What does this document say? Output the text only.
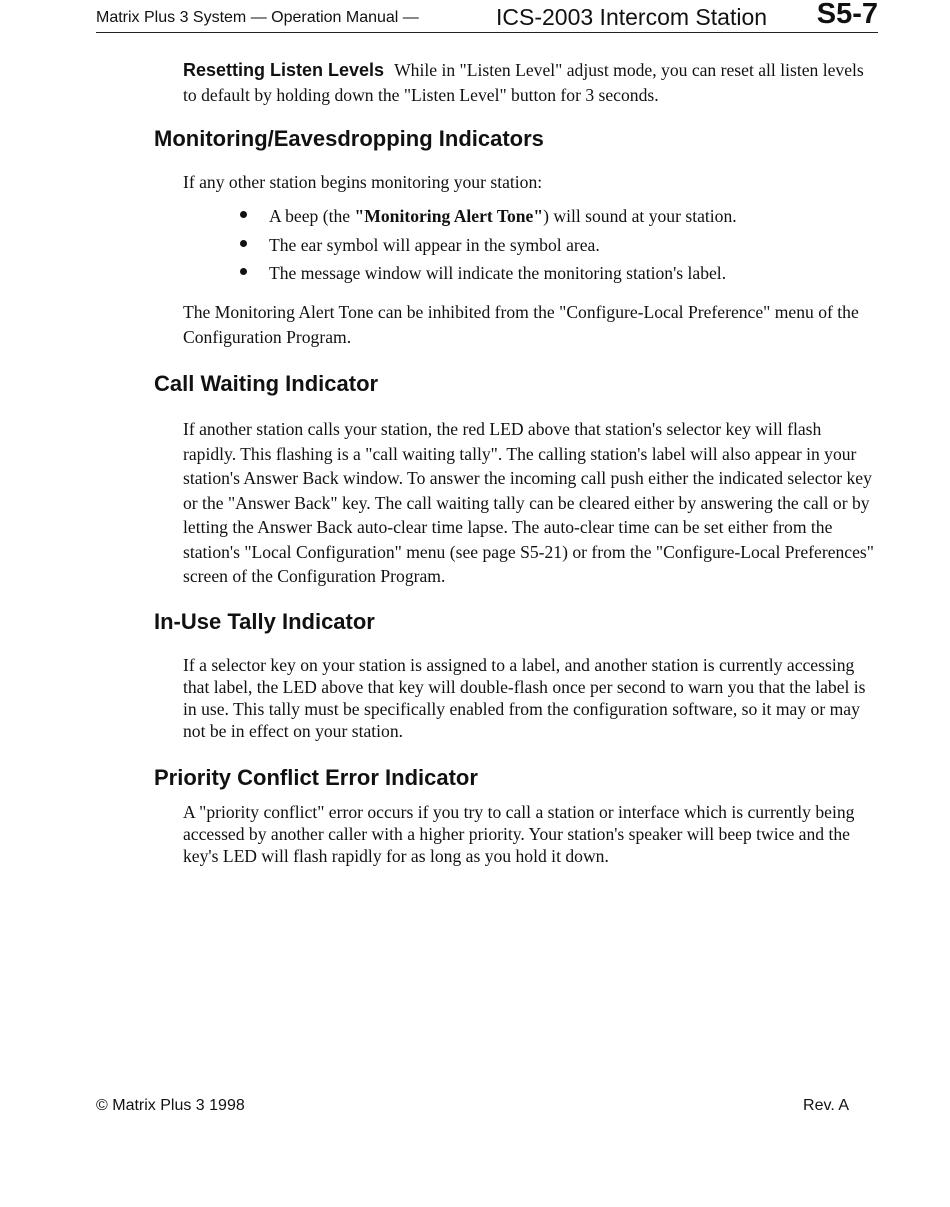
Matrix Plus 3 System — Operation Manual —	ICS-2003 Intercom Station S5-7

Resetting Listen Levels While in "Listen Level" adjust mode, you can reset all listen levels to default by holding down the "Listen Level" button for 3 seconds.

Monitoring/Eavesdropping Indicators

If any other station begins monitoring your station:

A beep (the "Monitoring Alert Tone") will sound at your station.
The ear symbol will appear in the symbol area.
The message window will indicate the monitoring station's label.

The Monitoring Alert Tone can be inhibited from the "Configure-Local Preference" menu of the Configuration Program.

Call Waiting Indicator

If another station calls your station, the red LED above that station's selector key will flash rapidly. This flashing is a "call waiting tally". The calling station's label will also appear in your station's Answer Back window. To answer the incoming call push either the indicated selector key or the "Answer Back" key. The call waiting tally can be cleared either by answering the call or by letting the Answer Back auto-clear time lapse. The auto-clear time can be set either from the station's "Local Configuration" menu (see page S5-21) or from the "Configure-Local Preferences" screen of the Configuration Program.

In-Use Tally Indicator

If a selector key on your station is assigned to a label, and another station is currently accessing that label, the LED above that key will double-flash once per second to warn you that the label is in use. This tally must be specifically enabled from the configuration software, so it may or may not be in effect on your station.

Priority Conflict Error Indicator

A "priority conflict" error occurs if you try to call a station or interface which is currently being accessed by another caller with a higher priority. Your station's speaker will beep twice and the key's LED will flash rapidly for as long as you hold it down.

© Matrix Plus 3 1998	Rev. A
